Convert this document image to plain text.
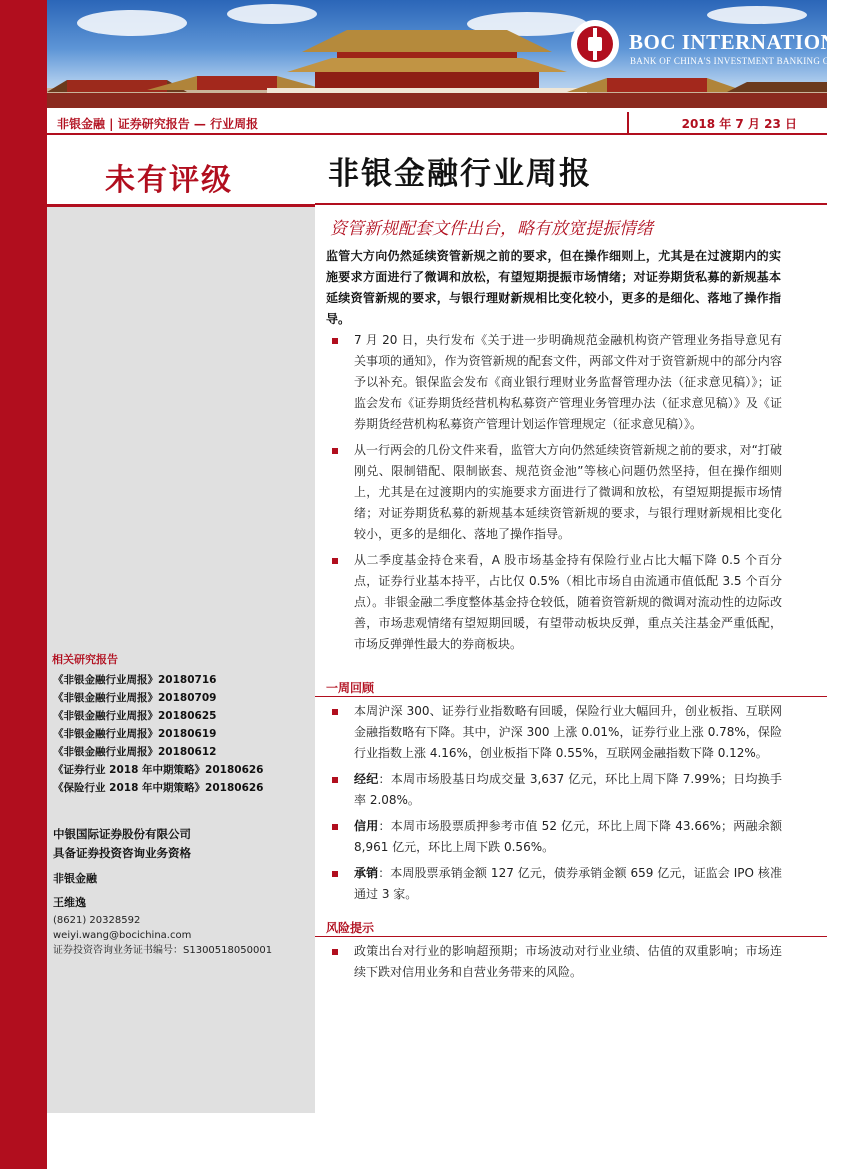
BOC INTERNATIONAL
BANK OF CHINA'S INVESTMENT BANKING GROUP
非银金融 | 证券研究报告 — 行业周报	2018 年 7 月 23 日
未有评级
相关研究报告
《非银金融行业周报》20180716
《非银金融行业周报》20180709
《非银金融行业周报》20180625
《非银金融行业周报》20180619
《非银金融行业周报》20180612
《证券行业 2018 年中期策略》20180626
《保险行业 2018 年中期策略》20180626
中银国际证券股份有限公司
具备证券投资咨询业务资格
非银金融
王维逸
(8621) 20328592
weiyi.wang@bocichina.com
证券投资咨询业务证书编号：S1300518050001
非银金融行业周报
资管新规配套文件出台，略有放宽提振情绪
监管大方向仍然延续资管新规之前的要求，但在操作细则上，尤其是在过渡期内的实施要求方面进行了微调和放松，有望短期提振市场情绪；对证券期货私募的新规基本延续资管新规的要求，与银行理财新规相比变化较小，更多的是细化、落地了操作指导。
7 月 20 日，央行发布《关于进一步明确规范金融机构资产管理业务指导意见有关事项的通知》，作为资管新规的配套文件，两部文件对于资管新规中的部分内容予以补充。银保监会发布《商业银行理财业务监督管理办法（征求意见稿）》；证监会发布《证券期货经营机构私募资产管理业务管理办法（征求意见稿）》及《证券期货经营机构私募资产管理计划运作管理规定（征求意见稿）》。
从一行两会的几份文件来看，监管大方向仍然延续资管新规之前的要求，对“打破刚兑、限制错配、限制嵌套、规范资金池”等核心问题仍然坚持，但在操作细则上，尤其是在过渡期内的实施要求方面进行了微调和放松，有望短期提振市场情绪；对证券期货私募的新规基本延续资管新规的要求，与银行理财新规相比变化较小，更多的是细化、落地了操作指导。
从二季度基金持仓来看，A 股市场基金持有保险行业占比大幅下降 0.5 个百分点，证券行业基本持平，占比仅 0.5%（相比市场自由流通市值低配 3.5 个百分点）。非银金融二季度整体基金持仓较低，随着资管新规的微调对流动性的边际改善，市场悲观情绪有望短期回暖，有望带动板块反弹，重点关注基金严重低配，市场反弹弹性最大的券商板块。
一周回顾
本周沪深 300、证券行业指数略有回暖，保险行业大幅回升，创业板指、互联网金融指数略有下降。其中，沪深 300 上涨 0.01%，证券行业上涨 0.78%，保险行业指数上涨 4.16%，创业板指下降 0.55%，互联网金融指数下降 0.12%。
经纪：本周市场股基日均成交量 3,637 亿元，环比上周下降 7.99%；日均换手率 2.08%。
信用：本周市场股票质押参考市值 52 亿元，环比上周下降 43.66%；两融余额 8,961 亿元，环比上周下跌 0.56%。
承销：本周股票承销金额 127 亿元，债券承销金额 659 亿元，证监会 IPO 核准通过 3 家。
风险提示
政策出台对行业的影响超预期；市场波动对行业业绩、估值的双重影响；市场连续下跌对信用业务和自营业务带来的风险。
